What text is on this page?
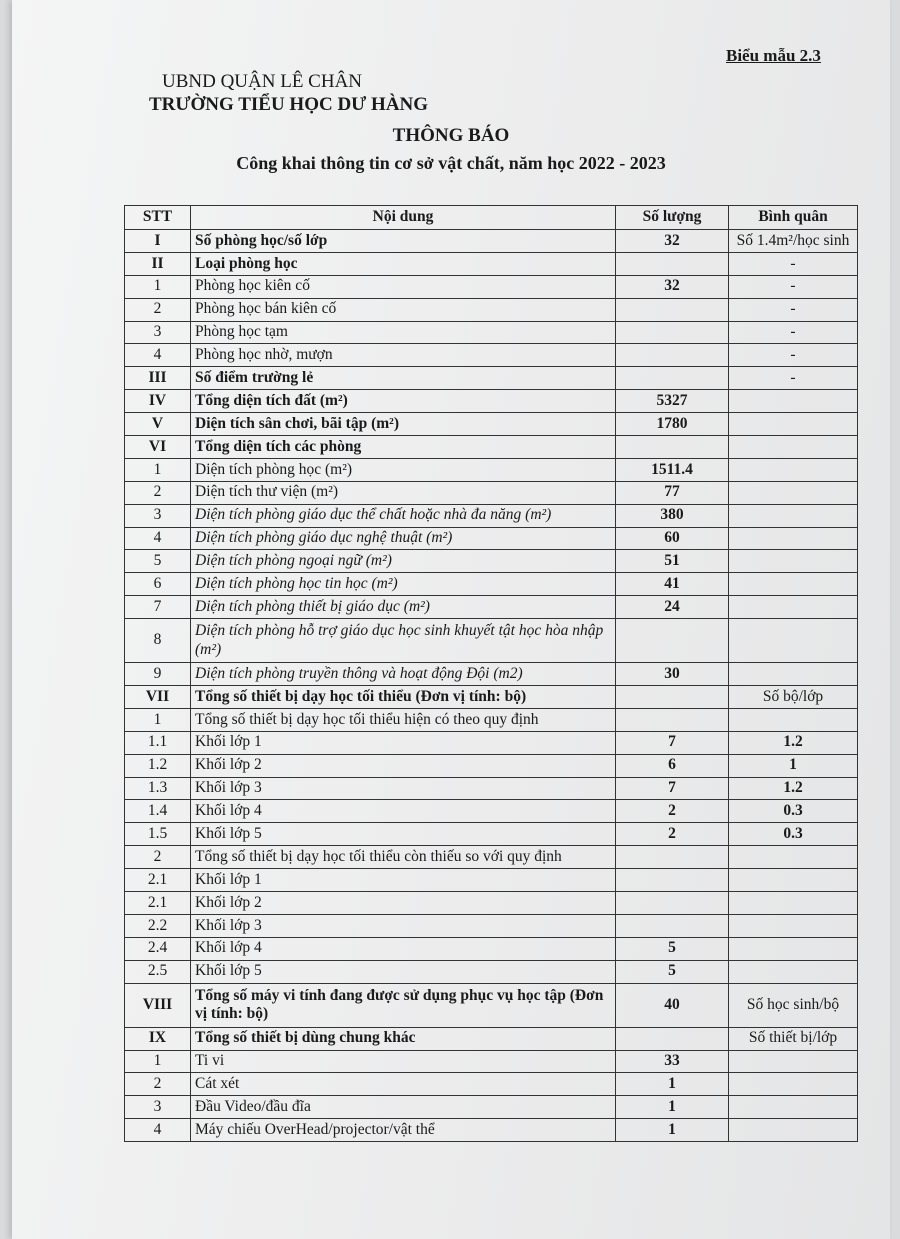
Biểu mẫu 2.3
UBND QUẬN LÊ CHÂN
TRƯỜNG TIỂU HỌC DƯ HÀNG
THÔNG BÁO
Công khai thông tin cơ sở vật chất, năm học 2022 - 2023
STT	Nội dung	Số lượng	Bình quân
I	Số phòng học/số lớp	32	Số 1.4m²/học sinh
II	Loại phòng học		-
1	Phòng học kiên cố	32	-
2	Phòng học bán kiên cố		-
3	Phòng học tạm		-
4	Phòng học nhờ, mượn		-
III	Số điểm trường lẻ		-
IV	Tổng diện tích đất (m²)	5327	
V	Diện tích sân chơi, bãi tập (m²)	1780	
VI	Tổng diện tích các phòng		
1	Diện tích phòng học (m²)	1511.4	
2	Diện tích thư viện (m²)	77	
3	Diện tích phòng giáo dục thể chất hoặc nhà đa năng (m²)	380	
4	Diện tích phòng giáo dục nghệ thuật (m²)	60	
5	Diện tích phòng ngoại ngữ (m²)	51	
6	Diện tích phòng học tin học (m²)	41	
7	Diện tích phòng thiết bị giáo dục (m²)	24	
8	Diện tích phòng hỗ trợ giáo dục học sinh khuyết tật học hòa nhập (m²)		
9	Diện tích phòng truyền thông và hoạt động Đội (m2)	30	
VII	Tổng số thiết bị dạy học tối thiểu (Đơn vị tính: bộ)		Số bộ/lớp
1	Tổng số thiết bị dạy học tối thiểu hiện có theo quy định		
1.1	Khối lớp 1	7	1.2
1.2	Khối lớp 2	6	1
1.3	Khối lớp 3	7	1.2
1.4	Khối lớp 4	2	0.3
1.5	Khối lớp 5	2	0.3
2	Tổng số thiết bị dạy học tối thiểu còn thiếu so với quy định		
2.1	Khối lớp 1		
2.1	Khối lớp 2		
2.2	Khối lớp 3		
2.4	Khối lớp 4	5	
2.5	Khối lớp 5	5	
VIII	Tổng số máy vi tính đang được sử dụng phục vụ học tập (Đơn vị tính: bộ)	40	Số học sinh/bộ
IX	Tổng số thiết bị dùng chung khác		Số thiết bị/lớp
1	Ti vi	33	
2	Cát xét	1	
3	Đầu Video/đầu đĩa	1	
4	Máy chiếu OverHead/projector/vật thể	1	
